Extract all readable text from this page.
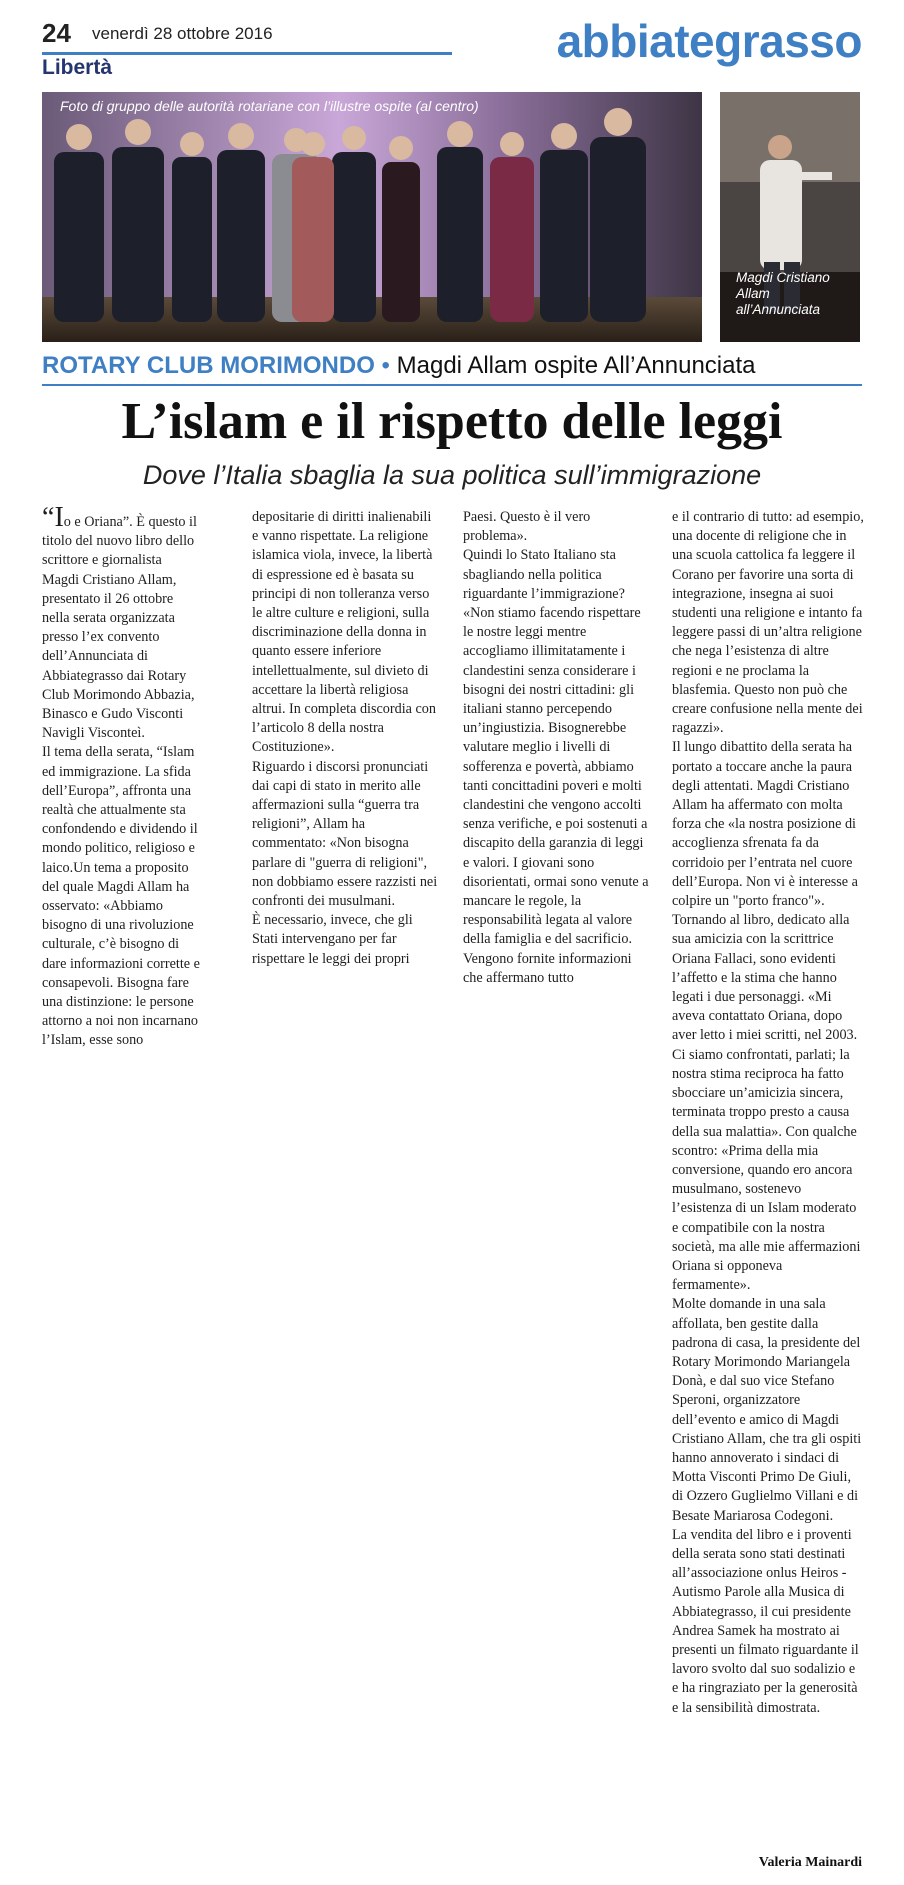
24 venerdì 28 ottobre 2016
Libertà
abbiategrasso
Foto di gruppo delle autorità rotariane con l’illustre ospite (al centro)
Magdi Cristiano Allam all’Annunciata
ROTARY CLUB MORIMONDO • Magdi Allam ospite All’Annunciata
L’islam e il rispetto delle leggi
Dove l’Italia sbaglia la sua politica sull’immigrazione

“Io e Oriana”. È questo il titolo del nuovo libro dello scrittore e giornalista Magdi Cristiano Allam, presentato il 26 ottobre nella serata organizzata presso l’ex convento dell’Annunciata di Abbiategrasso dai Rotary Club Morimondo Abbazia, Binasco e Gudo Visconti Navigli Visconteì.

Il tema della serata, “Islam ed immigrazione. La sfida dell’Europa”, affronta una realtà che attualmente sta confondendo e dividendo il mondo politico, religioso e laico.Un tema a proposito del quale Magdi Allam ha osservato: «Abbiamo bisogno di una rivoluzione culturale, c’è bisogno di dare informazioni corrette e consapevoli. Bisogna fare una distinzione: le persone attorno a noi non incarnano l’Islam, esse sono

depositarie di diritti inalienabili e vanno rispettate. La religione islamica viola, invece, la libertà di espressione ed è basata su principi di non tolleranza verso le altre culture e religioni, sulla discriminazione della donna in quanto essere inferiore intellettualmente, sul divieto di accettare la libertà religiosa altrui. In completa discordia con l’articolo 8 della nostra Costituzione».

Riguardo i discorsi pronunciati dai capi di stato in merito alle affermazioni sulla “guerra tra religioni”, Allam ha commentato: «Non bisogna parlare di "guerra di religioni", non dobbiamo essere razzisti nei confronti dei musulmani.

È necessario, invece, che gli Stati intervengano per far rispettare le leggi dei propri

Paesi. Questo è il vero problema».

Quindi lo Stato Italiano sta sbagliando nella politica riguardante l’immigrazione? «Non stiamo facendo rispettare le nostre leggi mentre accogliamo illimitatamente i clandestini senza considerare i bisogni dei nostri cittadini: gli italiani stanno percependo un’ingiustizia. Bisognerebbe valutare meglio i livelli di sofferenza e povertà, abbiamo tanti concittadini poveri e molti clandestini che vengono accolti senza verifiche, e poi sostenuti a discapito della garanzia di leggi e valori. I giovani sono disorientati, ormai sono venute a mancare le regole, la responsabilità legata al valore della famiglia e del sacrificio. Vengono fornite informazioni che affermano tutto

e il contrario di tutto: ad esempio, una docente di religione che in una scuola cattolica fa leggere il Corano per favorire una sorta di integrazione, insegna ai suoi studenti una religione e intanto fa leggere passi di un’altra religione che nega l’esistenza di altre regioni e ne proclama la blasfemia. Questo non può che creare confusione nella mente dei ragazzi».

Il lungo dibattito della serata ha portato a toccare anche la paura degli attentati. Magdi Cristiano Allam ha affermato con molta forza che «la nostra posizione di accoglienza sfrenata fa da corridoio per l’entrata nel cuore dell’Europa. Non vi è interesse a colpire un "porto franco"».

Tornando al libro, dedicato alla sua amicizia con la scrittrice Oriana Fallaci, sono evidenti l’affetto e la stima che hanno legati i due personaggi. «Mi aveva contattato Oriana, dopo aver letto i miei scritti, nel 2003. Ci siamo confrontati, parlati; la nostra stima reciproca ha fatto sbocciare un’amicizia sincera, terminata troppo presto a causa della sua malattia». Con qualche scontro: «Prima della mia conversione, quando ero ancora musulmano, sostenevo l’esistenza di un Islam moderato e compatibile con la nostra società, ma alle mie affermazioni Oriana si opponeva fermamente».

Molte domande in una sala affollata, ben gestite dalla padrona di casa, la presidente del Rotary Morimondo Mariangela Donà, e dal suo vice Stefano Speroni, organizzatore dell’evento e amico di Magdi Cristiano Allam, che tra gli ospiti hanno annoverato i sindaci di Motta Visconti Primo De Giuli, di Ozzero Guglielmo Villani e di Besate Mariarosa Codegoni.

La vendita del libro e i proventi della serata sono stati destinati all’associazione onlus Heiros - Autismo Parole alla Musica di Abbiategrasso, il cui presidente Andrea Samek ha mostrato ai presenti un filmato riguardante il lavoro svolto dal suo sodalizio e e ha ringraziato per la generosità e la sensibilità dimostrata.

Valeria Mainardi
